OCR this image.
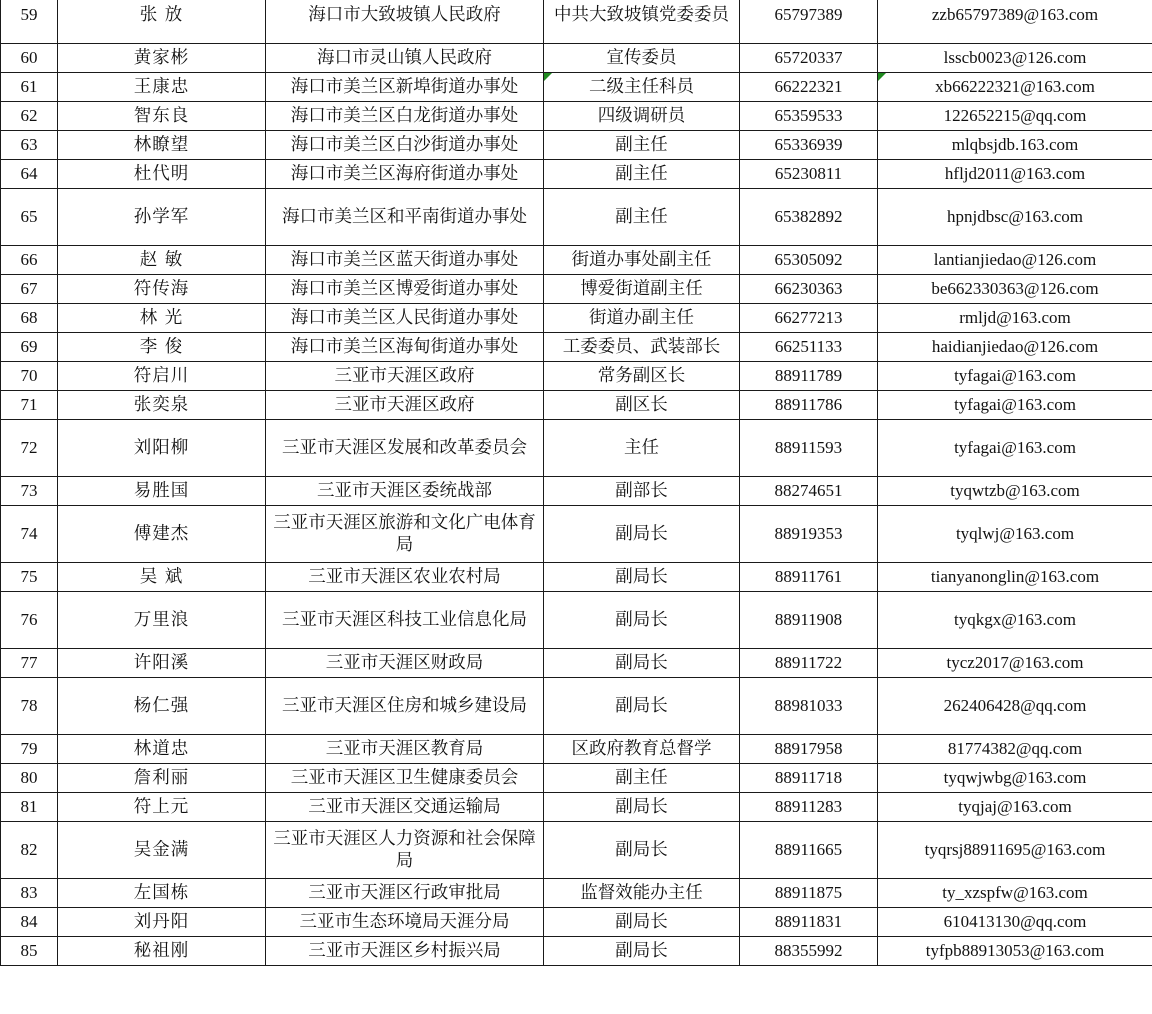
59	张 放	海口市大致坡镇人民政府	中共大致坡镇党委委员	65797389	zzb65797389@163.com
60	黄家彬	海口市灵山镇人民政府	宣传委员	65720337	lsscb0023@126.com
61	王康忠	海口市美兰区新埠街道办事处	二级主任科员	66222321	xb66222321@163.com
62	智东良	海口市美兰区白龙街道办事处	四级调研员	65359533	122652215@qq.com
63	林瞭望	海口市美兰区白沙街道办事处	副主任	65336939	mlqbsjdb.163.com
64	杜代明	海口市美兰区海府街道办事处	副主任	65230811	hfljd2011@163.com
65	孙学军	海口市美兰区和平南街道办事处	副主任	65382892	hpnjdbsc@163.com
66	赵 敏	海口市美兰区蓝天街道办事处	街道办事处副主任	65305092	lantianjiedao@126.com
67	符传海	海口市美兰区博爱街道办事处	博爱街道副主任	66230363	be662330363@126.com
68	林 光	海口市美兰区人民街道办事处	街道办副主任	66277213	rmljd@163.com
69	李 俊	海口市美兰区海甸街道办事处	工委委员、武装部长	66251133	haidianjiedao@126.com
70	符启川	三亚市天涯区政府	常务副区长	88911789	tyfagai@163.com
71	张奕泉	三亚市天涯区政府	副区长	88911786	tyfagai@163.com
72	刘阳柳	三亚市天涯区发展和改革委员会	主任	88911593	tyfagai@163.com
73	易胜国	三亚市天涯区委统战部	副部长	88274651	tyqwtzb@163.com
74	傅建杰	三亚市天涯区旅游和文化广电体育局	副局长	88919353	tyqlwj@163.com
75	吴 斌	三亚市天涯区农业农村局	副局长	88911761	tianyanonglin@163.com
76	万里浪	三亚市天涯区科技工业信息化局	副局长	88911908	tyqkgx@163.com
77	许阳溪	三亚市天涯区财政局	副局长	88911722	tycz2017@163.com
78	杨仁强	三亚市天涯区住房和城乡建设局	副局长	88981033	262406428@qq.com
79	林道忠	三亚市天涯区教育局	区政府教育总督学	88917958	81774382@qq.com
80	詹利丽	三亚市天涯区卫生健康委员会	副主任	88911718	tyqwjwbg@163.com
81	符上元	三亚市天涯区交通运输局	副局长	88911283	tyqjaj@163.com
82	吴金满	三亚市天涯区人力资源和社会保障局	副局长	88911665	tyqrsj88911695@163.com
83	左国栋	三亚市天涯区行政审批局	监督效能办主任	88911875	ty_xzspfw@163.com
84	刘丹阳	三亚市生态环境局天涯分局	副局长	88911831	610413130@qq.com
85	秘祖刚	三亚市天涯区乡村振兴局	副局长	88355992	tyfpb88913053@163.com
